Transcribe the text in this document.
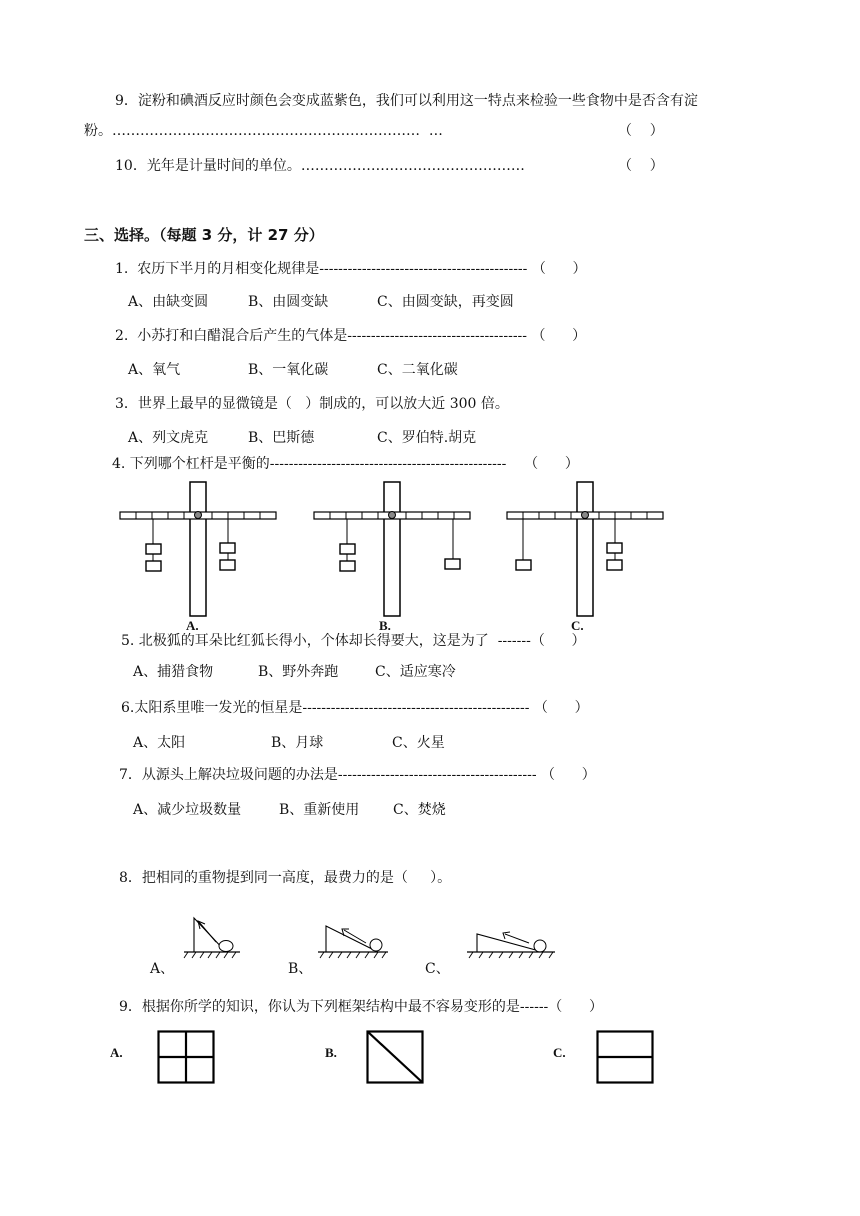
9．淀粉和碘酒反应时颜色会变成蓝紫色，我们可以利用这一特点来检验一些食物中是否含有淀
粉。…………………………………………………………  …	（    ）
10．光年是计量时间的单位。…………………………………………	（    ）
三、选择。（每题 3 分，计 27 分）
1.  农历下半月的月相变化规律是-------------------------------------------- （      ）
A、由缺变圆	B、由圆变缺	C、由圆变缺，再变圆
2.  小苏打和白醋混合后产生的气体是-------------------------------------- （      ）
A、氧气	B、一氧化碳	C、二氧化碳
3．世界上最早的显微镜是（   ）制成的，可以放大近 300 倍。
A、列文虎克	B、巴斯德	C、罗伯特.胡克
4. 下列哪个杠杆是平衡的--------------------------------------------------    （      ）
A.	B.	C.
5. 北极狐的耳朵比红狐长得小，个体却长得要大，这是为了  -------（      ）
A、捕猎食物	B、野外奔跑	C、适应寒冷
6.太阳系里唯一发光的恒星是------------------------------------------------ （      ）
A、太阳	B、月球	C、火星
7．从源头上解决垃圾问题的办法是------------------------------------------ （      ）
A、减少垃圾数量	B、重新使用 C、焚烧
8．把相同的重物提到同一高度，最费力的是（     ）。
A、	B、	C、
9．根据你所学的知识，你认为下列框架结构中最不容易变形的是------（      ）
A.	B.	C.
